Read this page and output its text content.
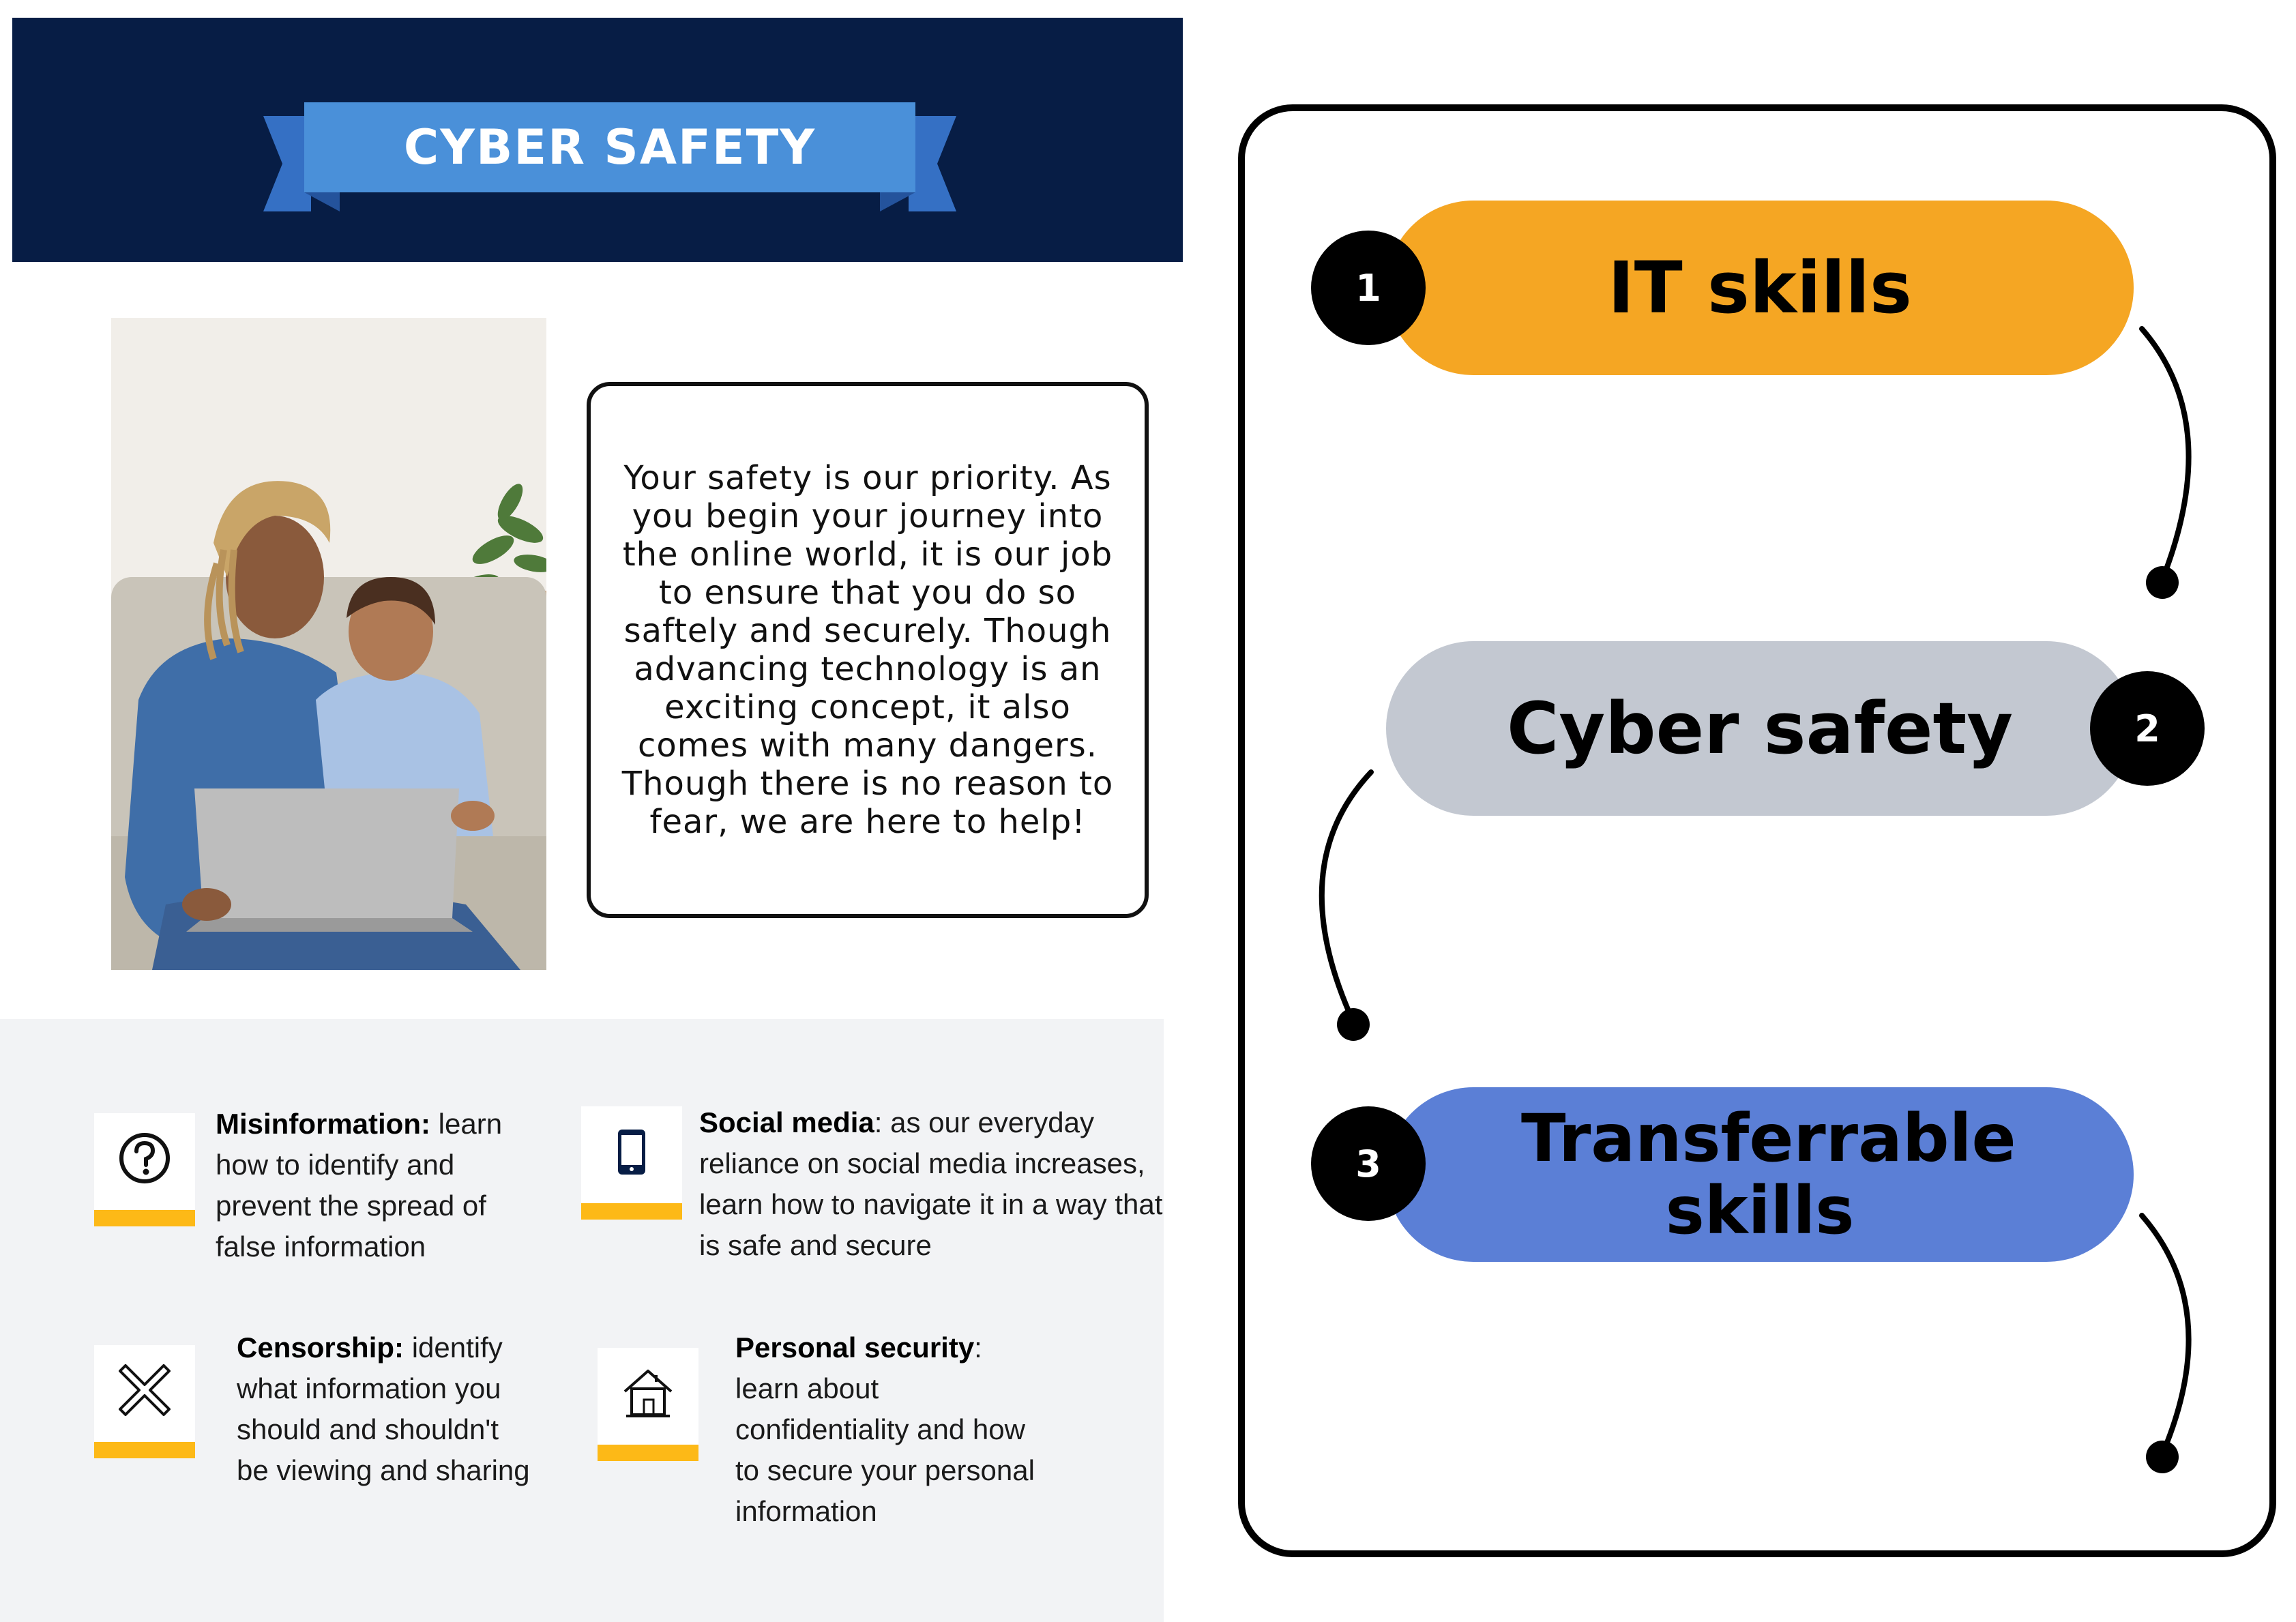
CYBER SAFETY

Your safety is our priority. As you begin your journey into the online world, it is our job to ensure that you do so saftely and securely. Though advancing technology is an exciting concept, it also comes with many dangers. Though there is no reason to fear, we are here to help!

Misinformation: learn how to identify and prevent the spread of false information
Social media: as our everyday reliance on social media increases, learn how to navigate it in a way that is safe and secure
Censorship: identify what information you should and shouldn't be viewing and sharing
Personal security: learn about confidentiality and how to secure your personal information
IT skills
1
Cyber safety	2
Transferrable skills
3
